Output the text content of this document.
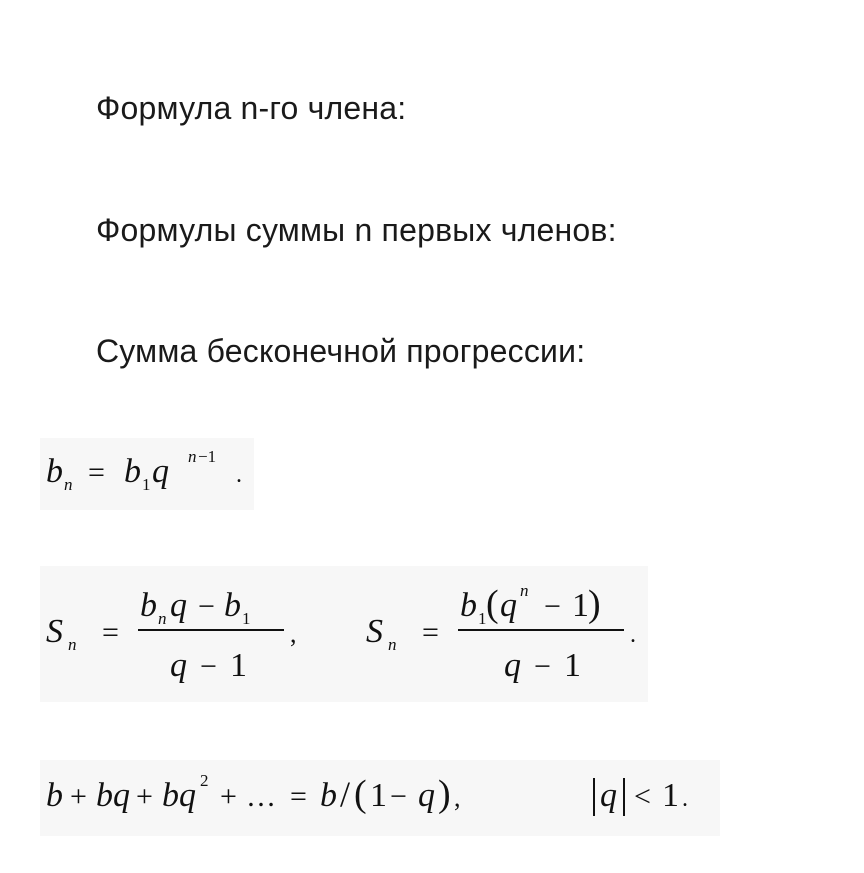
Формула n-го члена:
Формулы суммы n первых членов:
Сумма бесконечной прогрессии:
b n = b 1 q n −1
.
S n =
b n q − b 1
q − 1
, S n =
b 1 ( q n − 1 )
q − 1
.
b + bq + bq 2 + … = b / ( 1 − q ) ,	q < 1 .
